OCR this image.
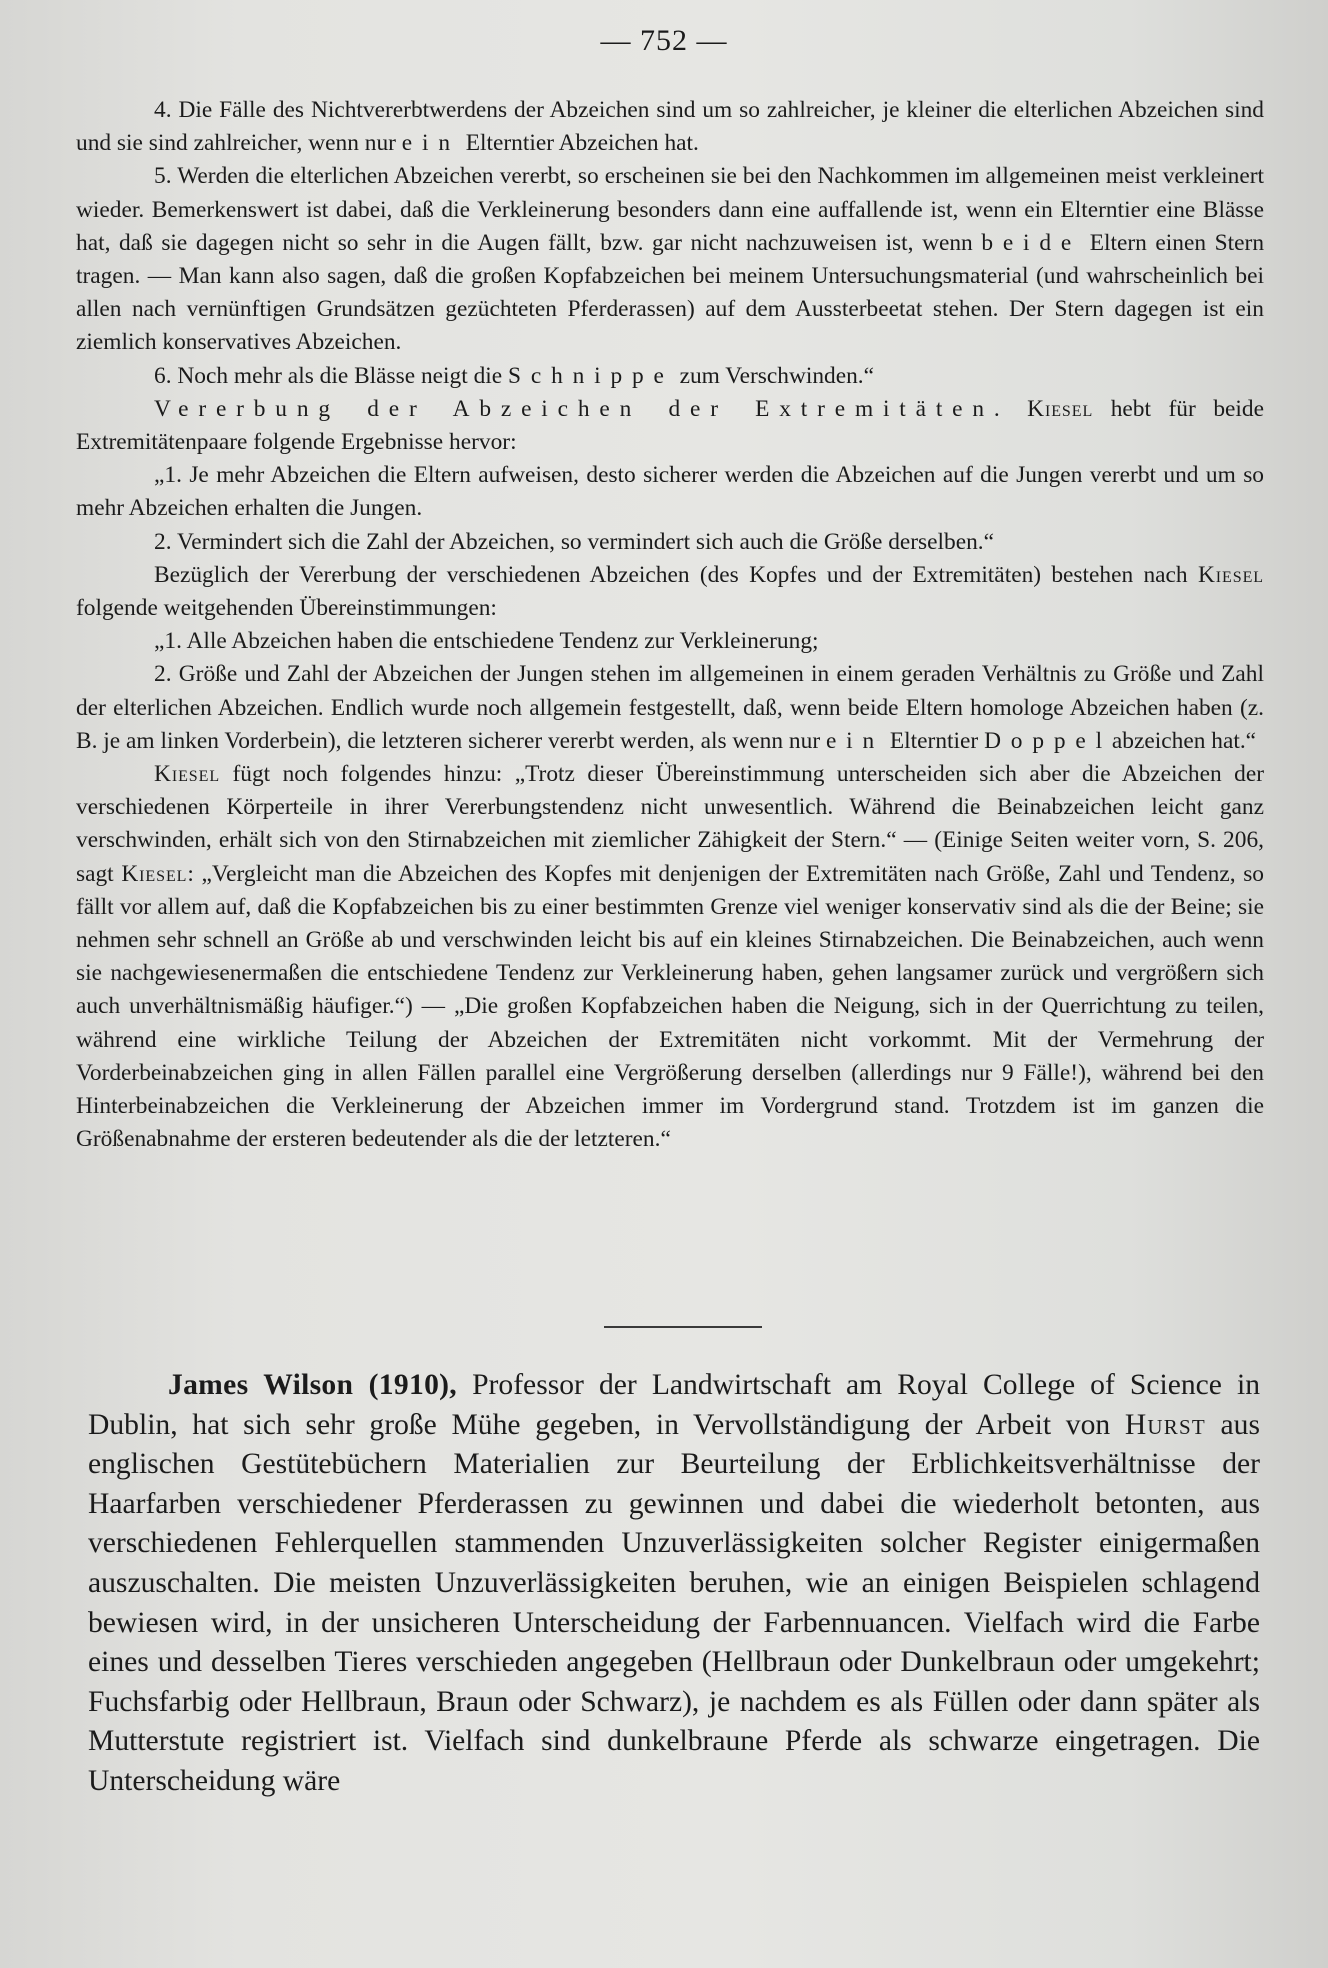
— 752 —

4. Die Fälle des Nichtvererbtwerdens der Abzeichen sind um so zahlreicher, je kleiner die elterlichen Abzeichen sind und sie sind zahlreicher, wenn nur ein Elterntier Abzeichen hat.

5. Werden die elterlichen Abzeichen vererbt, so erscheinen sie bei den Nachkommen im allgemeinen meist verkleinert wieder. Bemerkenswert ist dabei, daß die Verkleinerung besonders dann eine auffallende ist, wenn ein Elterntier eine Blässe hat, daß sie dagegen nicht so sehr in die Augen fällt, bzw. gar nicht nachzuweisen ist, wenn beide Eltern einen Stern tragen. — Man kann also sagen, daß die großen Kopfabzeichen bei meinem Untersuchungsmaterial (und wahrscheinlich bei allen nach vernünftigen Grundsätzen gezüchteten Pferderassen) auf dem Aussterbeetat stehen. Der Stern dagegen ist ein ziemlich konservatives Abzeichen.

6. Noch mehr als die Blässe neigt die Schnippe zum Verschwinden.“

Vererbung der Abzeichen der Extremitäten. Kiesel hebt für beide Extremitätenpaare folgende Ergebnisse hervor:

„1. Je mehr Abzeichen die Eltern aufweisen, desto sicherer werden die Abzeichen auf die Jungen vererbt und um so mehr Abzeichen erhalten die Jungen.

2. Vermindert sich die Zahl der Abzeichen, so vermindert sich auch die Größe derselben.“

Bezüglich der Vererbung der verschiedenen Abzeichen (des Kopfes und der Extremitäten) bestehen nach Kiesel folgende weitgehenden Übereinstimmungen:

„1. Alle Abzeichen haben die entschiedene Tendenz zur Verkleinerung;

2. Größe und Zahl der Abzeichen der Jungen stehen im allgemeinen in einem geraden Verhältnis zu Größe und Zahl der elterlichen Abzeichen. Endlich wurde noch allgemein festgestellt, daß, wenn beide Eltern homologe Abzeichen haben (z. B. je am linken Vorderbein), die letzteren sicherer vererbt werden, als wenn nur ein Elterntier Doppelabzeichen hat.“

Kiesel fügt noch folgendes hinzu: „Trotz dieser Übereinstimmung unterscheiden sich aber die Abzeichen der verschiedenen Körperteile in ihrer Vererbungstendenz nicht unwesentlich. Während die Beinabzeichen leicht ganz verschwinden, erhält sich von den Stirnabzeichen mit ziemlicher Zähigkeit der Stern.“ — (Einige Seiten weiter vorn, S. 206, sagt Kiesel: „Vergleicht man die Abzeichen des Kopfes mit denjenigen der Extremitäten nach Größe, Zahl und Tendenz, so fällt vor allem auf, daß die Kopfabzeichen bis zu einer bestimmten Grenze viel weniger konservativ sind als die der Beine; sie nehmen sehr schnell an Größe ab und verschwinden leicht bis auf ein kleines Stirnabzeichen. Die Beinabzeichen, auch wenn sie nachgewiesenermaßen die entschiedene Tendenz zur Verkleinerung haben, gehen langsamer zurück und vergrößern sich auch unverhältnismäßig häufiger.“) — „Die großen Kopfabzeichen haben die Neigung, sich in der Querrichtung zu teilen, während eine wirkliche Teilung der Abzeichen der Extremitäten nicht vorkommt. Mit der Vermehrung der Vorderbeinabzeichen ging in allen Fällen parallel eine Vergrößerung derselben (allerdings nur 9 Fälle!), während bei den Hinterbeinabzeichen die Verkleinerung der Abzeichen immer im Vordergrund stand. Trotzdem ist im ganzen die Größenabnahme der ersteren bedeutender als die der letzteren.“

James Wilson (1910), Professor der Landwirtschaft am Royal College of Science in Dublin, hat sich sehr große Mühe gegeben, in Vervollständigung der Arbeit von Hurst aus englischen Gestütebüchern Materialien zur Beurteilung der Erblichkeitsverhältnisse der Haarfarben verschiedener Pferderassen zu gewinnen und dabei die wiederholt betonten, aus verschiedenen Fehlerquellen stammenden Unzuverlässigkeiten solcher Register einigermaßen auszuschalten. Die meisten Unzuverlässigkeiten beruhen, wie an einigen Beispielen schlagend bewiesen wird, in der unsicheren Unterscheidung der Farbennuancen. Vielfach wird die Farbe eines und desselben Tieres verschieden angegeben (Hellbraun oder Dunkelbraun oder umgekehrt; Fuchsfarbig oder Hellbraun, Braun oder Schwarz), je nachdem es als Füllen oder dann später als Mutterstute registriert ist. Vielfach sind dunkelbraune Pferde als schwarze eingetragen. Die Unterscheidung wäre
